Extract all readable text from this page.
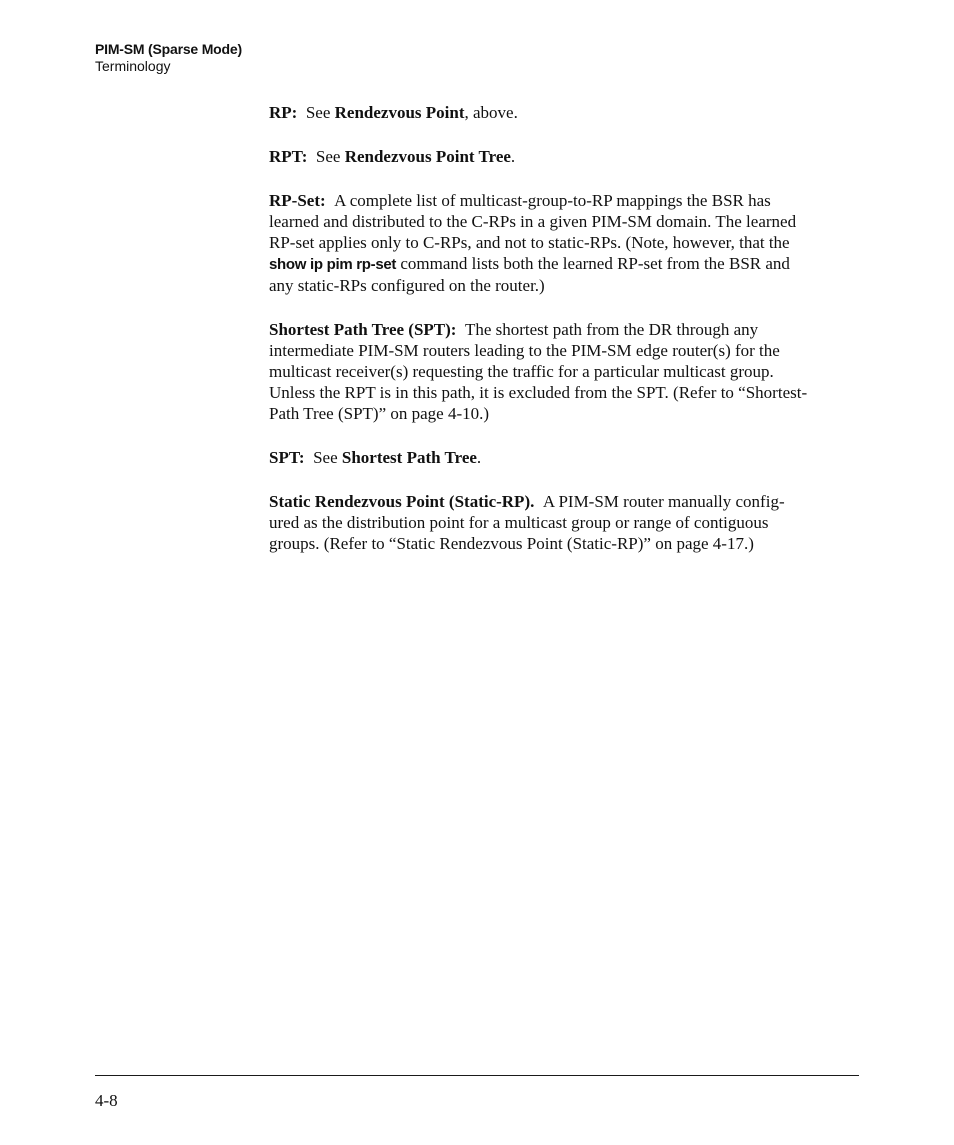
PIM-SM (Sparse Mode)
Terminology

RP: See Rendezvous Point, above.

RPT: See Rendezvous Point Tree.

RP-Set: A complete list of multicast-group-to-RP mappings the BSR has

learned and distributed to the C-RPs in a given PIM-SM domain. The learned

RP-set applies only to C-RPs, and not to static-RPs. (Note, however, that the

show ip pim rp-set command lists both the learned RP-set from the BSR and

any static-RPs configured on the router.)

Shortest Path Tree (SPT): The shortest path from the DR through any

intermediate PIM-SM routers leading to the PIM-SM edge router(s) for the

multicast receiver(s) requesting the traffic for a particular multicast group.

Unless the RPT is in this path, it is excluded from the SPT. (Refer to “Shortest-

Path Tree (SPT)” on page 4-10.)

SPT: See Shortest Path Tree.

Static Rendezvous Point (Static-RP). A PIM-SM router manually config-

ured as the distribution point for a multicast group or range of contiguous

groups. (Refer to “Static Rendezvous Point (Static-RP)” on page 4-17.)

4-8
